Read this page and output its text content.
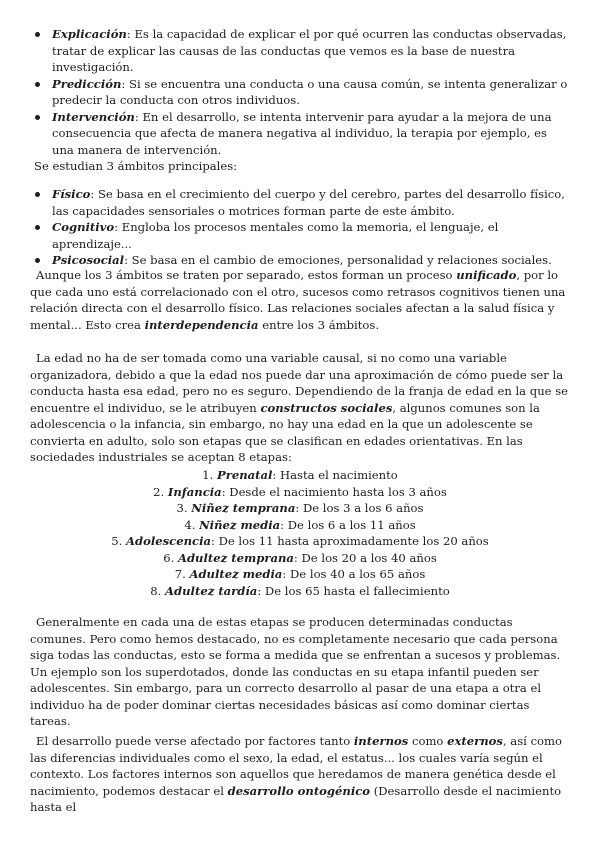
Explicación: Es la capacidad de explicar el por qué ocurren las conductas observadas, tratar de explicar las causas de las conductas que vemos es la base de nuestra investigación.
Predicción: Si se encuentra una conducta o una causa común, se intenta generalizar o predecir la conducta con otros individuos.
Intervención: En el desarrollo, se intenta intervenir para ayudar a la mejora de una consecuencia que afecta de manera negativa al individuo, la terapia por ejemplo, es una manera de intervención.
Se estudian 3 ámbitos principales:
Físico: Se basa en el crecimiento del cuerpo y del cerebro, partes del desarrollo físico, las capacidades sensoriales o motrices forman parte de este ámbito.
Cognitivo: Engloba los procesos mentales como la memoria, el lenguaje, el aprendizaje...
Psicosocial: Se basa en el cambio de emociones, personalidad y relaciones sociales.

Aunque los 3 ámbitos se traten por separado, estos forman un proceso unificado, por lo que cada uno está correlacionado con el otro, sucesos como retrasos cognitivos tienen una relación directa con el desarrollo físico. Las relaciones sociales afectan a la salud física y mental... Esto crea interdependencia entre los 3 ámbitos.

La edad no ha de ser tomada como una variable causal, si no como una variable organizadora, debido a que la edad nos puede dar una aproximación de cómo puede ser la conducta hasta esa edad, pero no es seguro. Dependiendo de la franja de edad en la que se encuentre el individuo, se le atribuyen constructos sociales, algunos comunes son la adolescencia o la infancia, sin embargo, no hay una edad en la que un adolescente se convierta en adulto, solo son etapas que se clasifican en edades orientativas. En las sociedades industriales se aceptan 8 etapas:

1. Prenatal: Hasta el nacimiento
2. Infancia: Desde el nacimiento hasta los 3 años
3. Niñez temprana: De los 3 a los 6 años
4. Niñez media: De los 6 a los 11 años
5. Adolescencia: De los 11 hasta aproximadamente los 20 años
6. Adultez temprana: De los 20 a los 40 años
7. Adultez media: De los 40 a los 65 años
8. Adultez tardía: De los 65 hasta el fallecimiento

Generalmente en cada una de estas etapas se producen determinadas conductas comunes. Pero como hemos destacado, no es completamente necesario que cada persona siga todas las conductas, esto se forma a medida que se enfrentan a sucesos y problemas. Un ejemplo son los superdotados, donde las conductas en su etapa infantil pueden ser adolescentes. Sin embargo, para un correcto desarrollo al pasar de una etapa a otra el individuo ha de poder dominar ciertas necesidades básicas así como dominar ciertas tareas.

El desarrollo puede verse afectado por factores tanto internos como externos, así como las diferencias individuales como el sexo, la edad, el estatus... los cuales varía según el contexto. Los factores internos son aquellos que heredamos de manera genética desde el nacimiento, podemos destacar el desarrollo ontogénico (Desarrollo desde el nacimiento hasta el
